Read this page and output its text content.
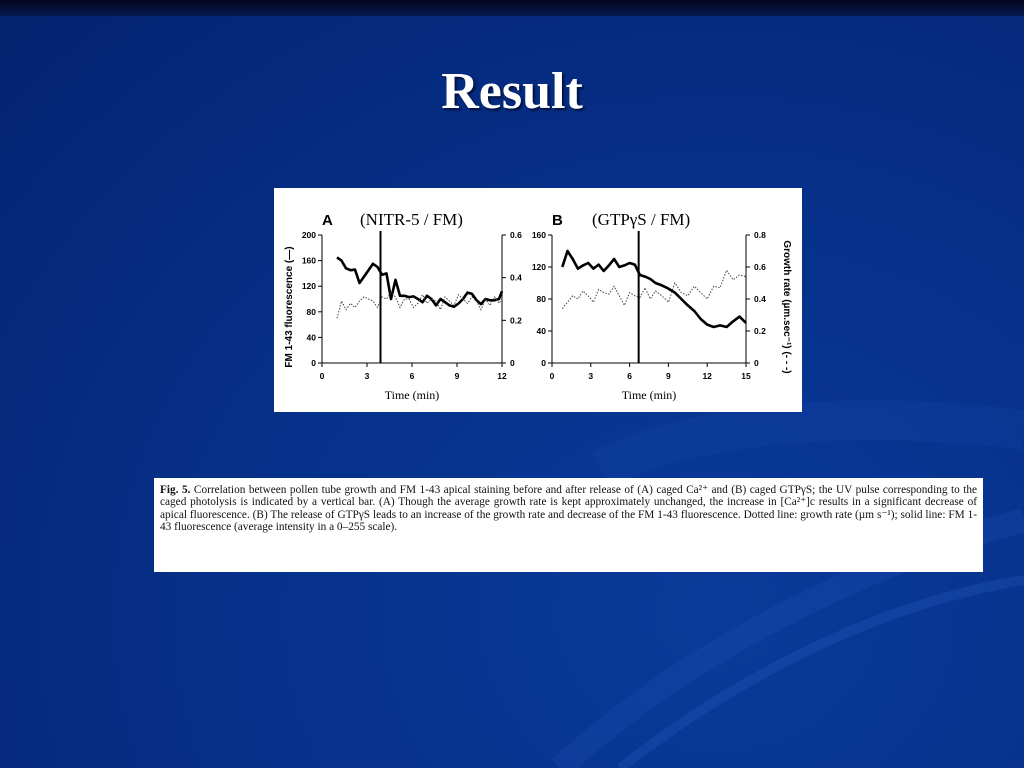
Result
0	3	6	9	12
0
40
80
120
160
200
0
0.2
0.4
0.6
A (NITR-5 / FM)
Time (min)
FM 1-43 fluorescence (—)
0	3	6	9	12	15
0
40
80
120
160
0
0.2
0.4
0.6
0.8
B (GTPγS / FM)
Time (min)
Growth rate (µm.sec⁻¹) (- - -)
Fig. 5. Correlation between pollen tube growth and FM 1-43 apical staining before and after release of (A) caged Ca²⁺ and (B) caged GTPγS; the UV pulse corresponding to the caged photolysis is indicated by a vertical bar. (A) Though the average growth rate is kept approximately unchanged, the increase in [Ca²⁺]c results in a significant decrease of apical fluorescence. (B) The release of GTPγS leads to an increase of the growth rate and decrease of the FM 1-43 fluorescence. Dotted line: growth rate (µm s⁻¹); solid line: FM 1-43 fluorescence (average intensity in a 0–255 scale).
